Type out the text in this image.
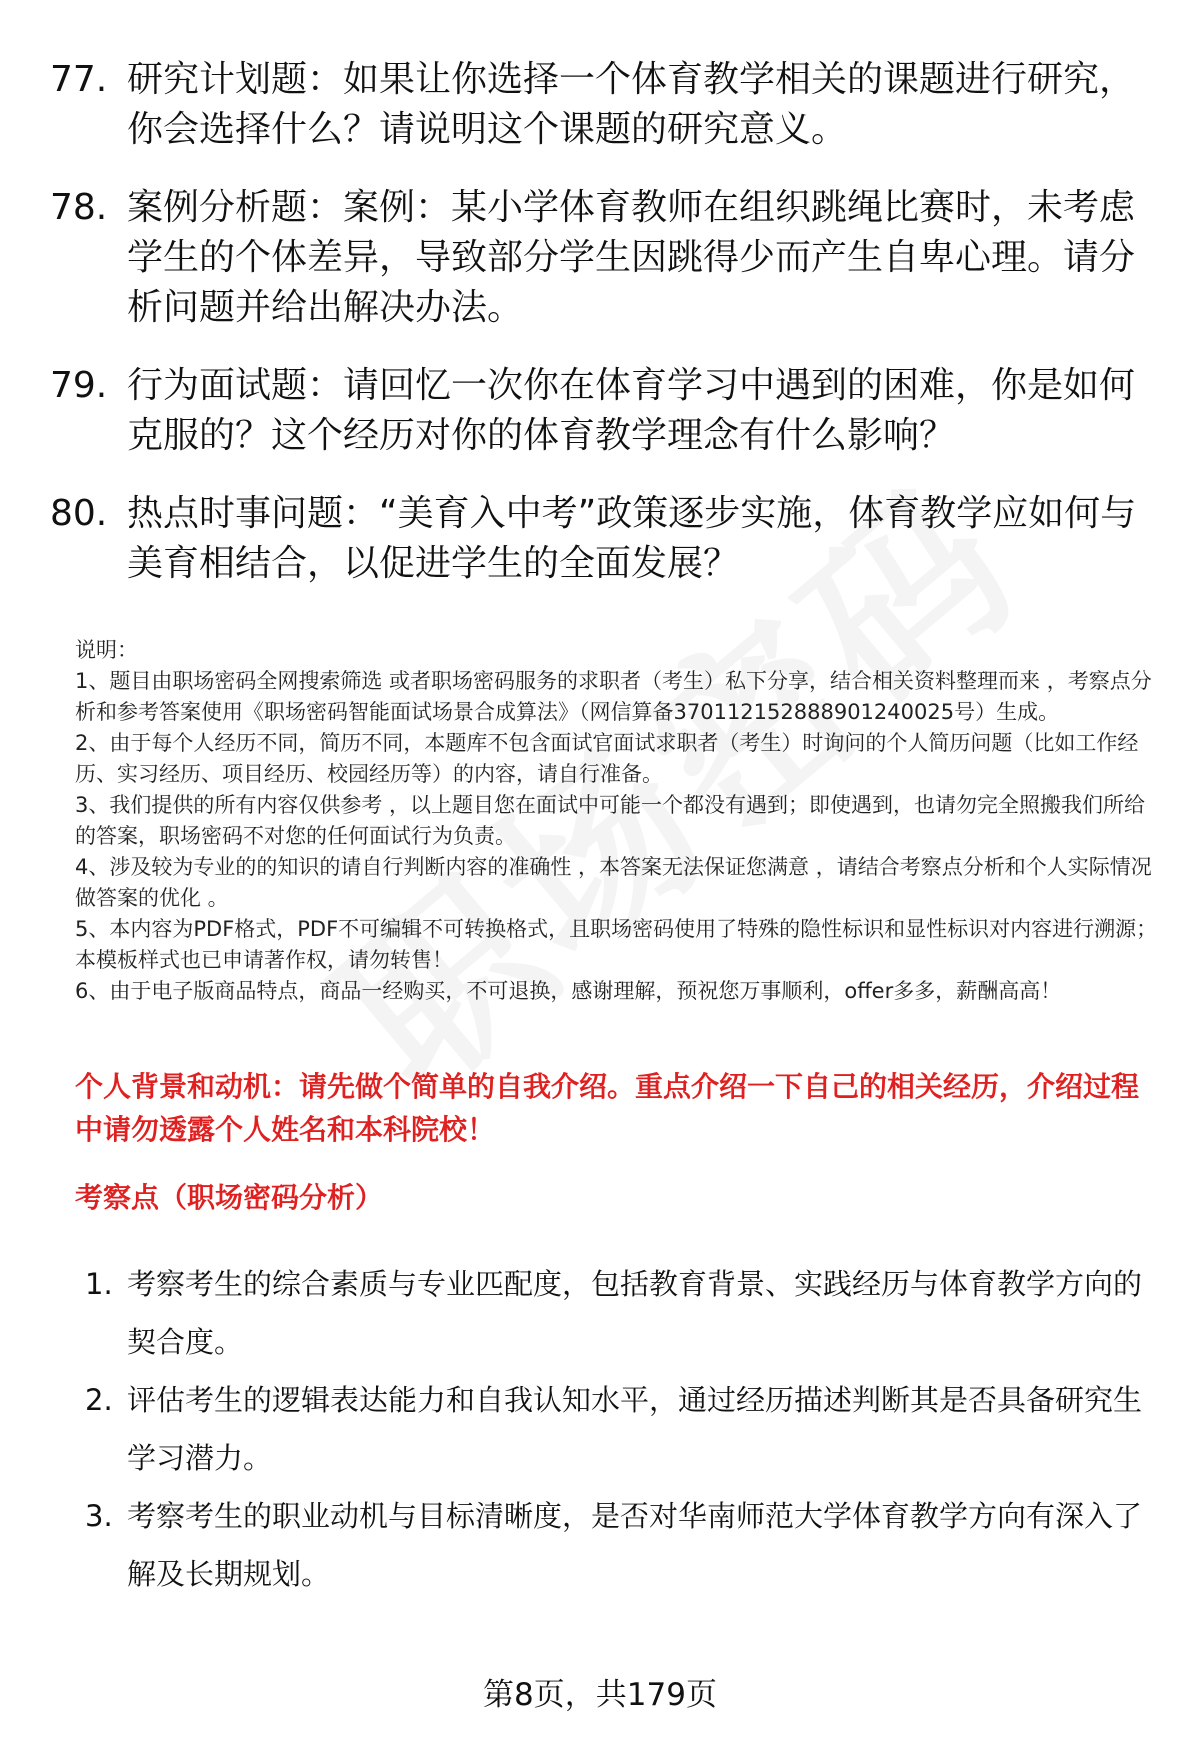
77. 研究计划题：如果让你选择一个体育教学相关的课题进行研究，你会选择什么？请说明这个课题的研究意义。
78. 案例分析题：案例：某小学体育教师在组织跳绳比赛时，未考虑学生的个体差异，导致部分学生因跳得少而产生自卑心理。请分析问题并给出解决办法。
79. 行为面试题：请回忆一次你在体育学习中遇到的困难，你是如何克服的？这个经历对你的体育教学理念有什么影响？
80. 热点时事问题：“美育入中考”政策逐步实施，体育教学应如何与美育相结合，以促进学生的全面发展？

说明：

1、题目由职场密码全网搜索筛选 或者职场密码服务的求职者（考生）私下分享，结合相关资料整理而来 ，考察点分析和参考答案使用《职场密码智能面试场景合成算法》（网信算备370112152888901240025号）生成。

2、由于每个人经历不同，简历不同，本题库不包含面试官面试求职者（考生）时询问的个人简历问题（比如工作经历、实习经历、项目经历、校园经历等）的内容，请自行准备。

3、我们提供的所有内容仅供参考 ，以上题目您在面试中可能一个都没有遇到；即使遇到，也请勿完全照搬我们所给的答案，职场密码不对您的任何面试行为负责。

4、涉及较为专业的的知识的请自行判断内容的准确性 ，本答案无法保证您满意 ，请结合考察点分析和个人实际情况做答案的优化 。

5、本内容为PDF格式，PDF不可编辑不可转换格式，且职场密码使用了特殊的隐性标识和显性标识对内容进行溯源；本模板样式也已申请著作权，请勿转售！

6、由于电子版商品特点，商品一经购买，不可退换，感谢理解，预祝您万事顺利，offer多多，薪酬高高！

个人背景和动机：请先做个简单的自我介绍。重点介绍一下自己的相关经历，介绍过程中请勿透露个人姓名和本科院校！
考察点（职场密码分析）
1. 考察考生的综合素质与专业匹配度，包括教育背景、实践经历与体育教学方向的契合度。
2. 评估考生的逻辑表达能力和自我认知水平，通过经历描述判断其是否具备研究生学习潜力。
3. 考察考生的职业动机与目标清晰度，是否对华南师范大学体育教学方向有深入了解及长期规划。
第8页，共179页
